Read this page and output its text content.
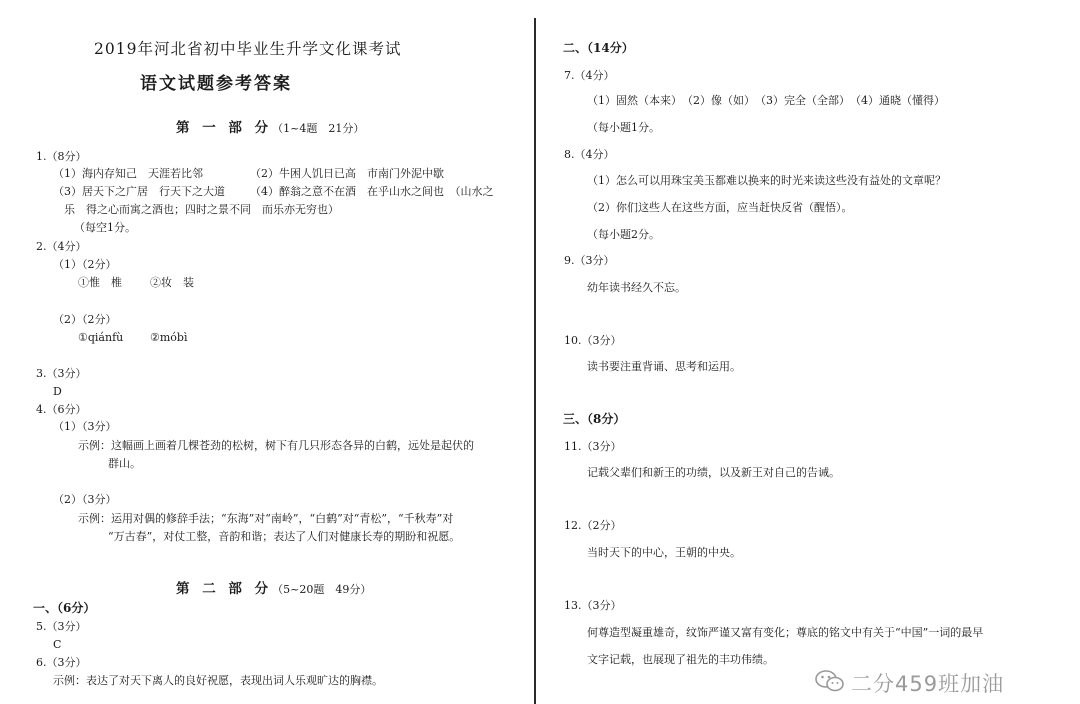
2019年河北省初中毕业生升学文化课考试
语文试题参考答案
第 一 部 分（1~4题　21分）
1.（8分）
（1）海内存知己　天涯若比邻	（2）牛困人饥日已高　市南门外泥中歇
（3）居天下之广居　行天下之大道 （4）醉翁之意不在酒　在乎山水之间也　（山水之
乐　得之心而寓之酒也；四时之景不同　而乐亦无穷也）
（每空1分。
2.（4分）
（1）（2分）
①惟　椎	②妆　装
（2）（2分）
①qiánfù ②móbì
3.（3分）
D
4.（6分）
（1）（3分）
示例：这幅画上画着几棵苍劲的松树，树下有几只形态各异的白鹤，远处是起伏的
群山。
（2）（3分）
示例：运用对偶的修辞手法；“东海”对“南岭”，“白鹤”对“青松”，“千秋寿”对
“万古春”，对仗工整，音韵和谐；表达了人们对健康长寿的期盼和祝愿。
第 二 部 分（5~20题　49分）
一、（6分）
5.（3分）
C
6.（3分）
示例：表达了对天下离人的良好祝愿，表现出词人乐观旷达的胸襟。
二、（14分）
7.（4分）
（1）固然（本来）　（2）像（如）　（3）完全（全部）　（4）通晓（懂得）
（每小题1分。
8.（4分）
（1）怎么可以用珠宝美玉都难以换来的时光来读这些没有益处的文章呢？
（2）你们这些人在这些方面，应当赶快反省（醒悟）。
（每小题2分。
9.（3分）
幼年读书经久不忘。
10.（3分）
读书要注重背诵、思考和运用。
三、（8分）
11.（3分）
记载父辈们和新王的功绩，以及新王对自己的告诫。
12.（2分）
当时天下的中心，王朝的中央。
13.（3分）
何尊造型凝重雄奇，纹饰严谨又富有变化；尊底的铭文中有关于“中国”一词的最早
文字记载，也展现了祖先的丰功伟绩。
二分459班加油
